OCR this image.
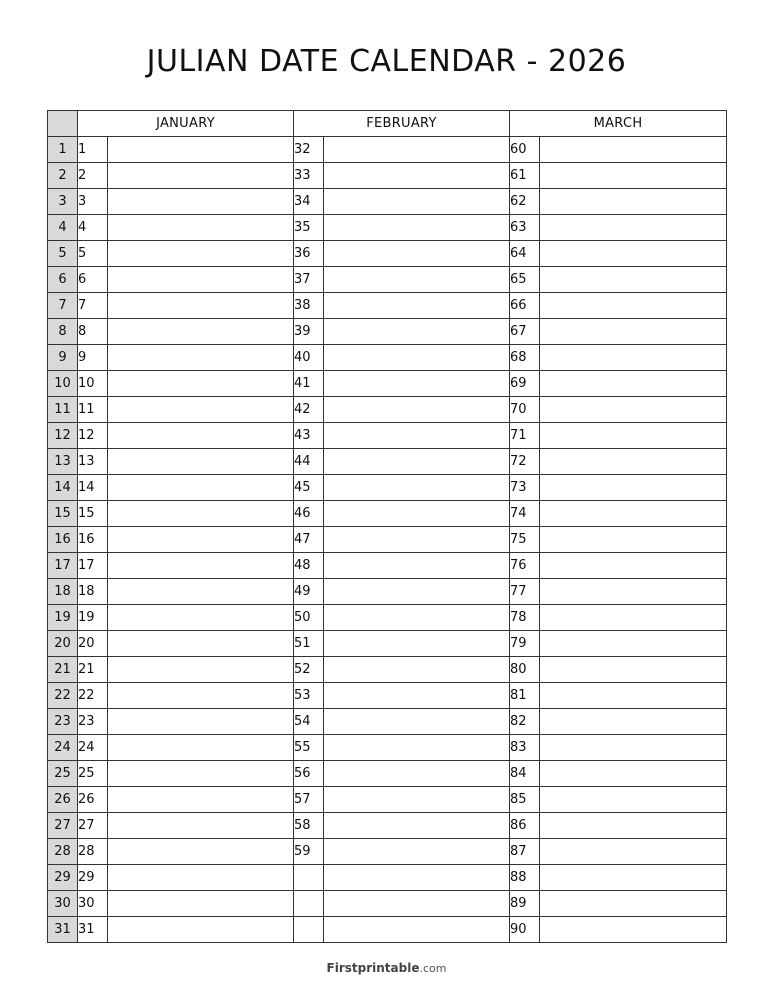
JULIAN DATE CALENDAR - 2026
	JANUARY		FEBRUARY		MARCH	
1	1		32		60	
2	2		33		61	
3	3		34		62	
4	4		35		63	
5	5		36		64	
6	6		37		65	
7	7		38		66	
8	8		39		67	
9	9		40		68	
10	10		41		69	
11	11		42		70	
12	12		43		71	
13	13		44		72	
14	14		45		73	
15	15		46		74	
16	16		47		75	
17	17		48		76	
18	18		49		77	
19	19		50		78	
20	20		51		79	
21	21		52		80	
22	22		53		81	
23	23		54		82	
24	24		55		83	
25	25		56		84	
26	26		57		85	
27	27		58		86	
28	28		59		87	
29	29				88	
30	30				89	
31	31				90	
Firstprintable.com
